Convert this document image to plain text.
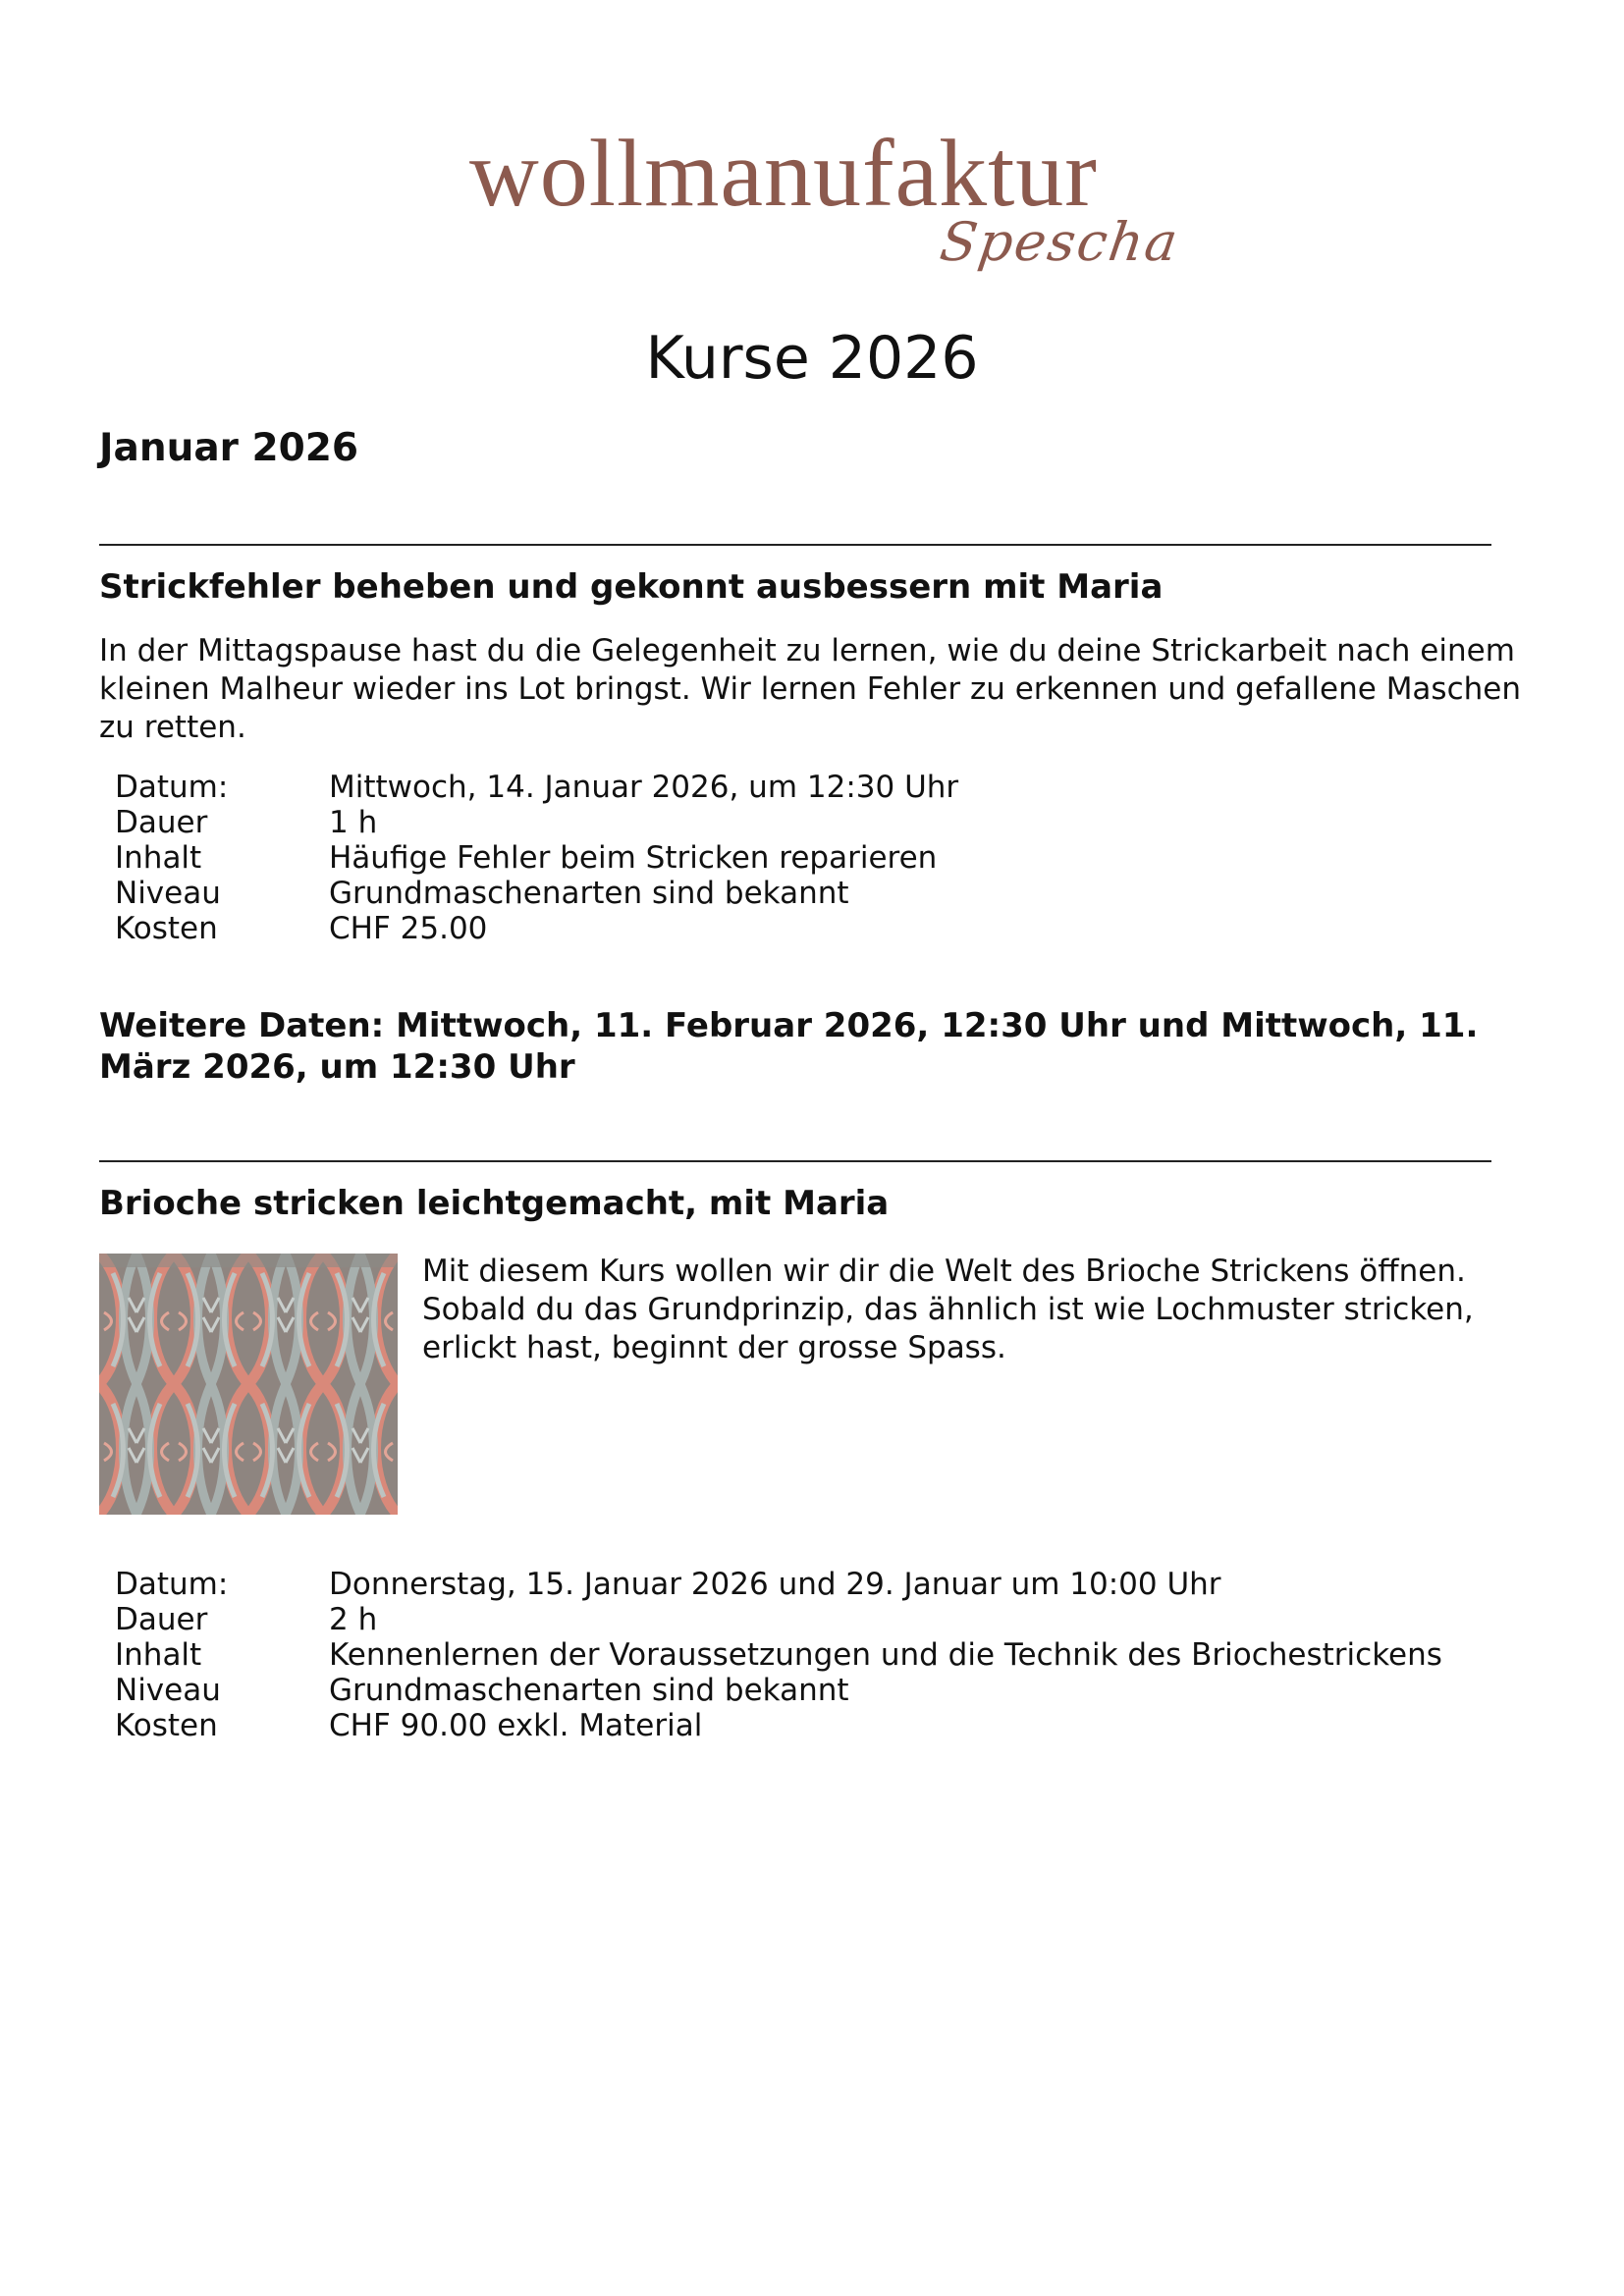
wollmanufaktur
Spescha
Kurse 2026
Januar 2026
Strickfehler beheben und gekonnt ausbessern mit Maria

In der Mittagspause hast du die Gelegenheit zu lernen, wie du deine Strickarbeit nach einem kleinen Malheur wieder ins Lot bringst. Wir lernen Fehler zu erkennen und gefallene Maschen zu retten.

Datum:	Mittwoch, 14. Januar 2026, um 12:30 Uhr
Dauer	1 h
Inhalt	Häufige Fehler beim Stricken reparieren
Niveau	Grundmaschenarten sind bekannt
Kosten	CHF 25.00

Weitere Daten: Mittwoch, 11. Februar 2026, 12:30 Uhr und Mittwoch, 11. März 2026, um 12:30 Uhr

Brioche stricken leichtgemacht, mit Maria

Mit diesem Kurs wollen wir dir die Welt des Brioche Strickens öffnen. Sobald du das Grundprinzip, das ähnlich ist wie Lochmuster stricken, erlickt hast, beginnt der grosse Spass.

Datum:	Donnerstag, 15. Januar 2026 und 29. Januar um 10:00 Uhr
Dauer	2 h
Inhalt	Kennenlernen der Voraussetzungen und die Technik des Briochestrickens
Niveau	Grundmaschenarten sind bekannt
Kosten	CHF 90.00 exkl. Material
